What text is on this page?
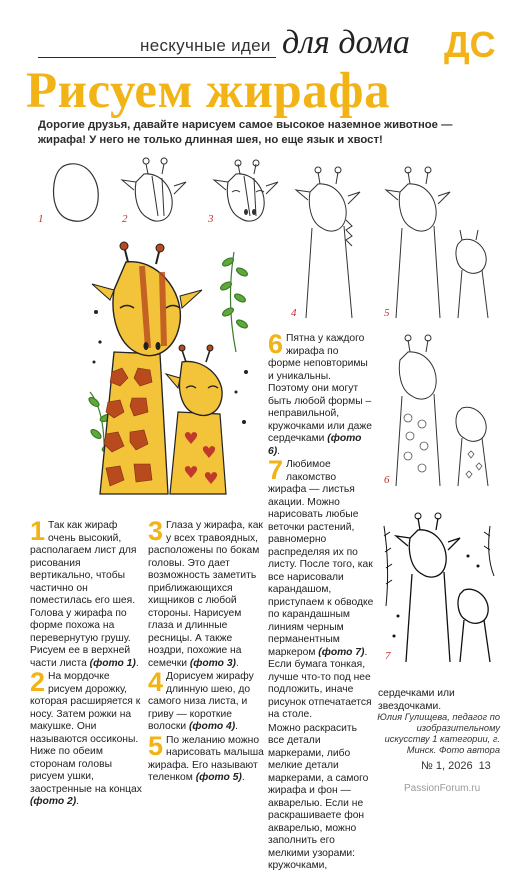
нескучные идеи для дома ДС
Рисуем жирафа

Дорогие друзья, давайте нарисуем самое высокое наземное животное — жирафа! У него не только длинная шея, но еще язык и хвост!

1	2	3
4	5
6
7

1 Так как жираф очень высокий, располагаем лист для рисования вертикально, чтобы частично он поместилась его шея. Голова у жирафа по форме похожа на перевернутую грушу. Рисуем ее в верхней части листа (фото 1).

2 На мордочке рисуем дорожку, которая расширяется к носу. Затем рожки на макушке. Они называются оссиконы. Ниже по обеим сторонам головы рисуем ушки, заостренные на концах (фото 2).

3 Глаза у жирафа, как у всех травоядных, расположены по бокам головы. Это дает возможность заметить приближающихся хищников с любой стороны. Нарисуем глаза и длинные ресницы. А также ноздри, похожие на семечки (фото 3).

4 Дорисуем жирафу длинную шею, до самого низа листа, и гриву — короткие волоски (фото 4).

5 По желанию можно нарисовать малыша жирафа. Его называют теленком (фото 5).

6 Пятна у каждого жирафа по форме неповторимы и уникальны. Поэтому они могут быть любой формы – неправильной, кружочками или даже сердечками (фото 6).

7 Любимое лакомство жирафа — листья акации. Можно нарисовать любые веточки растений, равномерно распределяя их по листу. После того, как все нарисовали карандашом, приступаем к обводке по карандашным линиям черным перманентным маркером (фото 7). Если бумага тонкая, лучше что-то под нее подложить, иначе рисунок отпечатается на столе.

Можно раскрасить все детали маркерами, либо мелкие детали маркерами, а самого жирафа и фон — акварелью. Если не раскрашиваете фон акварелью, можно заполнить его мелкими узорами: кружочками,

сердечками или звездочками.

Юлия Гулищева, педагог по изобразительному искусству 1 категории, г. Минск. Фото автора
№ 1, 2026 13
PassionForum.ru
